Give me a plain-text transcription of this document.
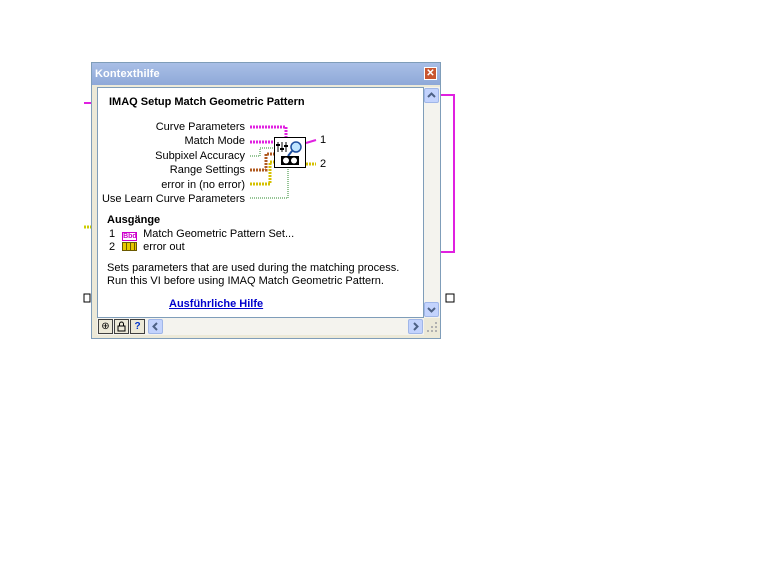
Kontexthilfe	✕
IMAQ Setup Match Geometric Pattern
Curve Parameters
Match Mode
Subpixel Accuracy
Range Settings
error in (no error)
Use Learn Curve Parameters
1
2
Ausgänge
1 Bbd Match Geometric Pattern Set...
2	error out
Sets parameters that are used during the matching process.
Run this VI before using IMAQ Match Geometric Pattern.
Ausführliche Hilfe
⊕	?
